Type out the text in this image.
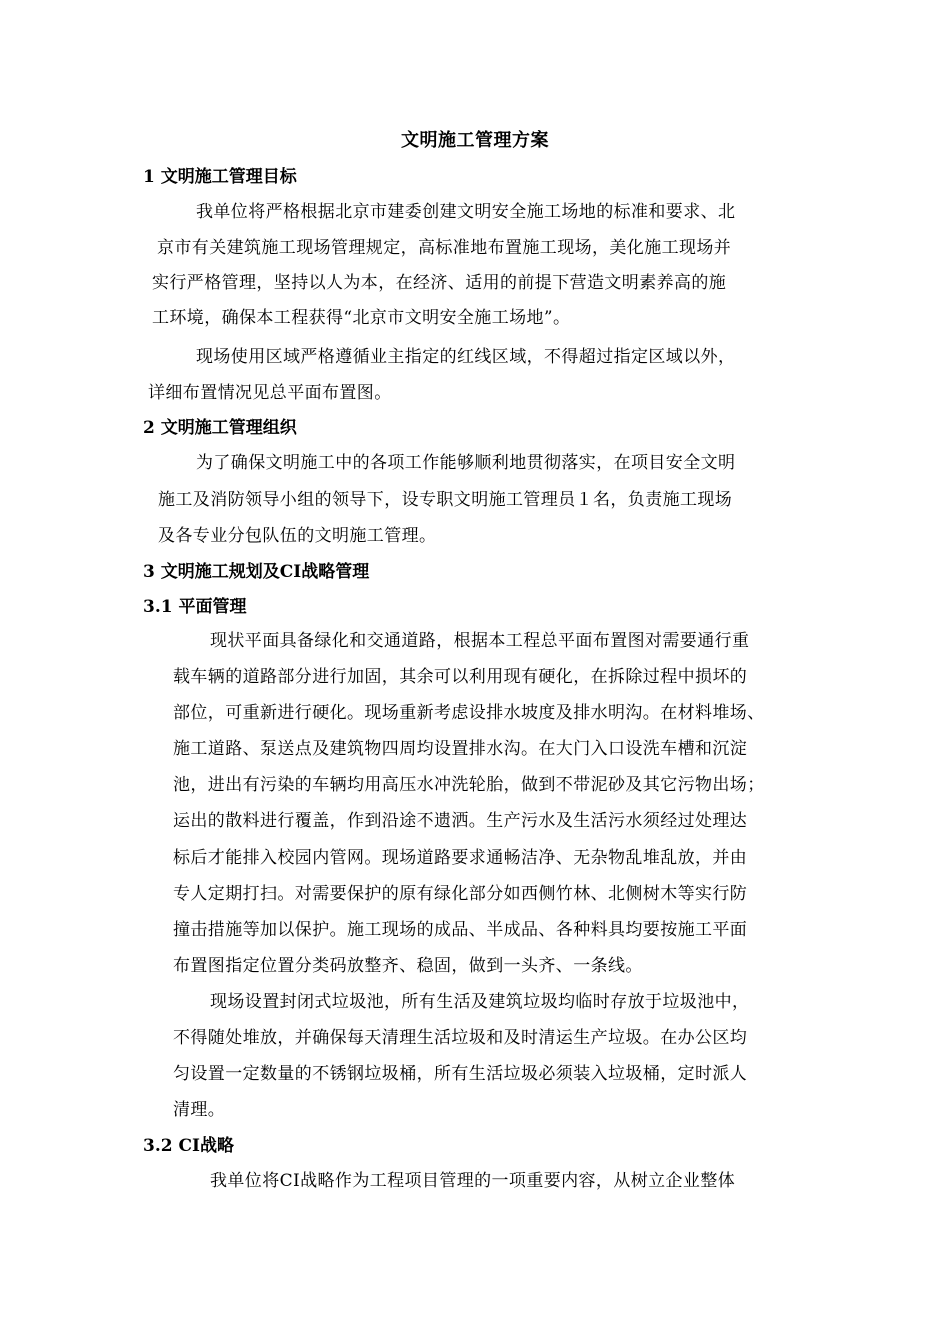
文明施工管理方案
1 文明施工管理目标
我单位将严格根据北京市建委创建文明安全施工场地的标准和要求、北
京市有关建筑施工现场管理规定，高标准地布置施工现场，美化施工现场并
实行严格管理，坚持以人为本，在经济、适用的前提下营造文明素养高的施
工环境，确保本工程获得“北京市文明安全施工场地”。
现场使用区域严格遵循业主指定的红线区域，不得超过指定区域以外，
详细布置情况见总平面布置图。
2 文明施工管理组织
为了确保文明施工中的各项工作能够顺利地贯彻落实，在项目安全文明
施工及消防领导小组的领导下，设专职文明施工管理员１名，负责施工现场
及各专业分包队伍的文明施工管理。
3 文明施工规划及CI战略管理
3.1 平面管理
现状平面具备绿化和交通道路，根据本工程总平面布置图对需要通行重
载车辆的道路部分进行加固，其余可以利用现有硬化，在拆除过程中损坏的
部位，可重新进行硬化。现场重新考虑设排水坡度及排水明沟。在材料堆场、
施工道路、泵送点及建筑物四周均设置排水沟。在大门入口设洗车槽和沉淀
池，进出有污染的车辆均用高压水冲洗轮胎，做到不带泥砂及其它污物出场；
运出的散料进行覆盖，作到沿途不遗洒。生产污水及生活污水须经过处理达
标后才能排入校园内管网。现场道路要求通畅洁净、无杂物乱堆乱放，并由
专人定期打扫。对需要保护的原有绿化部分如西侧竹林、北侧树木等实行防
撞击措施等加以保护。施工现场的成品、半成品、各种料具均要按施工平面
布置图指定位置分类码放整齐、稳固，做到一头齐、一条线。
现场设置封闭式垃圾池，所有生活及建筑垃圾均临时存放于垃圾池中，
不得随处堆放，并确保每天清理生活垃圾和及时清运生产垃圾。在办公区均
匀设置一定数量的不锈钢垃圾桶，所有生活垃圾必须装入垃圾桶，定时派人
清理。
3.2 CI战略
我单位将CI战略作为工程项目管理的一项重要内容，从树立企业整体
